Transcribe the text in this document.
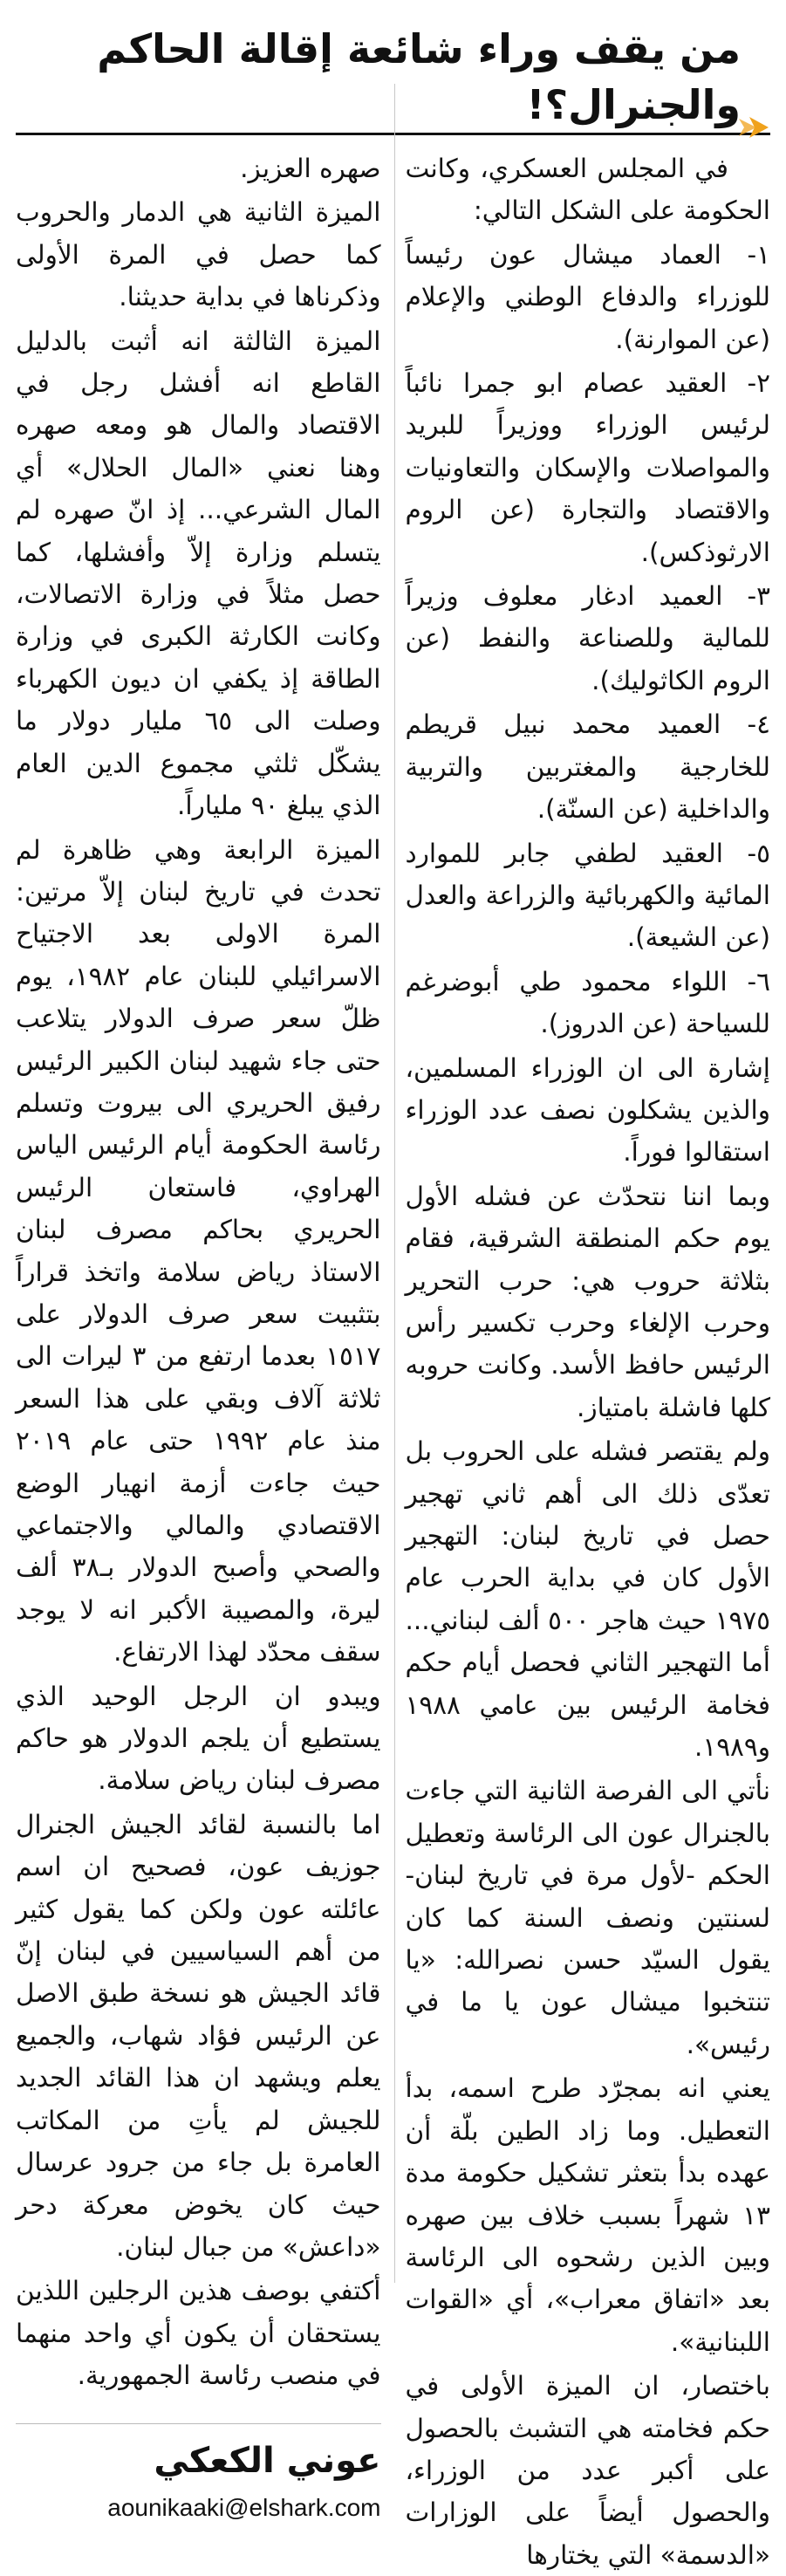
من يقف وراء شائعة إقالة الحاكم والجنرال؟!

في المجلس العسكري، وكانت الحكومة على الشكل التالي:

١- العماد ميشال عون رئيساً للوزراء والدفاع الوطني والإعلام (عن الموارنة).

٢- العقيد عصام ابو جمرا نائباً لرئيس الوزراء ووزيراً للبريد والمواصلات والإسكان والتعاونيات والاقتصاد والتجارة (عن الروم الارثوذكس).

٣- العميد ادغار معلوف وزيراً للمالية وللصناعة والنفط (عن الروم الكاثوليك).

٤- العميد محمد نبيل قريطم للخارجية والمغتربين والتربية والداخلية (عن السنّة).

٥- العقيد لطفي جابر للموارد المائية والكهربائية والزراعة والعدل (عن الشيعة).

٦- اللواء محمود طي أبوضرغم للسياحة (عن الدروز).

إشارة الى ان الوزراء المسلمين، والذين يشكلون نصف عدد الوزراء استقالوا فوراً.

وبما اننا نتحدّث عن فشله الأول يوم حكم المنطقة الشرقية، فقام بثلاثة حروب هي: حرب التحرير وحرب الإلغاء وحرب تكسير رأس الرئيس حافظ الأسد. وكانت حروبه كلها فاشلة بامتياز.

ولم يقتصر فشله على الحروب بل تعدّى ذلك الى أهم ثاني تهجير حصل في تاريخ لبنان: التهجير الأول كان في بداية الحرب عام ١٩٧٥ حيث هاجر ٥٠٠ ألف لبناني... أما التهجير الثاني فحصل أيام حكم فخامة الرئيس بين عامي ١٩٨٨ و١٩٨٩.

نأتي الى الفرصة الثانية التي جاءت بالجنرال عون الى الرئاسة وتعطيل الحكم -لأول مرة في تاريخ لبنان- لسنتين ونصف السنة كما كان يقول السيّد حسن نصرالله: «يا تنتخبوا ميشال عون يا ما في رئيس».

يعني انه بمجرّد طرح اسمه، بدأ التعطيل. وما زاد الطين بلّة أن عهده بدأ بتعثر تشكيل حكومة مدة ١٣ شهراً بسبب خلاف بين صهره وبين الذين رشحوه الى الرئاسة بعد «اتفاق معراب»، أي «القوات اللبنانية».

باختصار، ان الميزة الأولى في حكم فخامته هي التشبث بالحصول على أكبر عدد من الوزراء، والحصول أيضاً على الوزارات «الدسمة» التي يختارها

صهره العزيز.

الميزة الثانية هي الدمار والحروب كما حصل في المرة الأولى وذكرناها في بداية حديثنا.

الميزة الثالثة انه أثبت بالدليل القاطع انه أفشل رجل في الاقتصاد والمال هو ومعه صهره وهنا نعني «المال الحلال» أي المال الشرعي... إذ انّ صهره لم يتسلم وزارة إلاّ وأفشلها، كما حصل مثلاً في وزارة الاتصالات، وكانت الكارثة الكبرى في وزارة الطاقة إذ يكفي ان ديون الكهرباء وصلت الى ٦٥ مليار دولار ما يشكّل ثلثي مجموع الدين العام الذي يبلغ ٩٠ ملياراً.

الميزة الرابعة وهي ظاهرة لم تحدث في تاريخ لبنان إلاّ مرتين: المرة الاولى بعد الاجتياح الاسرائيلي للبنان عام ١٩٨٢، يوم ظلّ سعر صرف الدولار يتلاعب حتى جاء شهيد لبنان الكبير الرئيس رفيق الحريري الى بيروت وتسلم رئاسة الحكومة أيام الرئيس الياس الهراوي، فاستعان الرئيس الحريري بحاكم مصرف لبنان الاستاذ رياض سلامة واتخذ قراراً بتثبيت سعر صرف الدولار على ١٥١٧ بعدما ارتفع من ٣ ليرات الى ثلاثة آلاف وبقي على هذا السعر منذ عام ١٩٩٢ حتى عام ٢٠١٩ حيث جاءت أزمة انهيار الوضع الاقتصادي والمالي والاجتماعي والصحي وأصبح الدولار بـ٣٨ ألف ليرة، والمصيبة الأكبر انه لا يوجد سقف محدّد لهذا الارتفاع.

ويبدو ان الرجل الوحيد الذي يستطيع أن يلجم الدولار هو حاكم مصرف لبنان رياض سلامة.

اما بالنسبة لقائد الجيش الجنرال جوزيف عون، فصحيح ان اسم عائلته عون ولكن كما يقول كثير من أهم السياسيين في لبنان إنّ قائد الجيش هو نسخة طبق الاصل عن الرئيس فؤاد شهاب، والجميع يعلم ويشهد ان هذا القائد الجديد للجيش لم يأتِ من المكاتب العامرة بل جاء من جرود عرسال حيث كان يخوض معركة دحر «داعش» من جبال لبنان.

أكتفي بوصف هذين الرجلين اللذين يستحقان أن يكون أي واحد منهما في منصب رئاسة الجمهورية.

عوني الكعكي
aounikaaki@elshark.com
